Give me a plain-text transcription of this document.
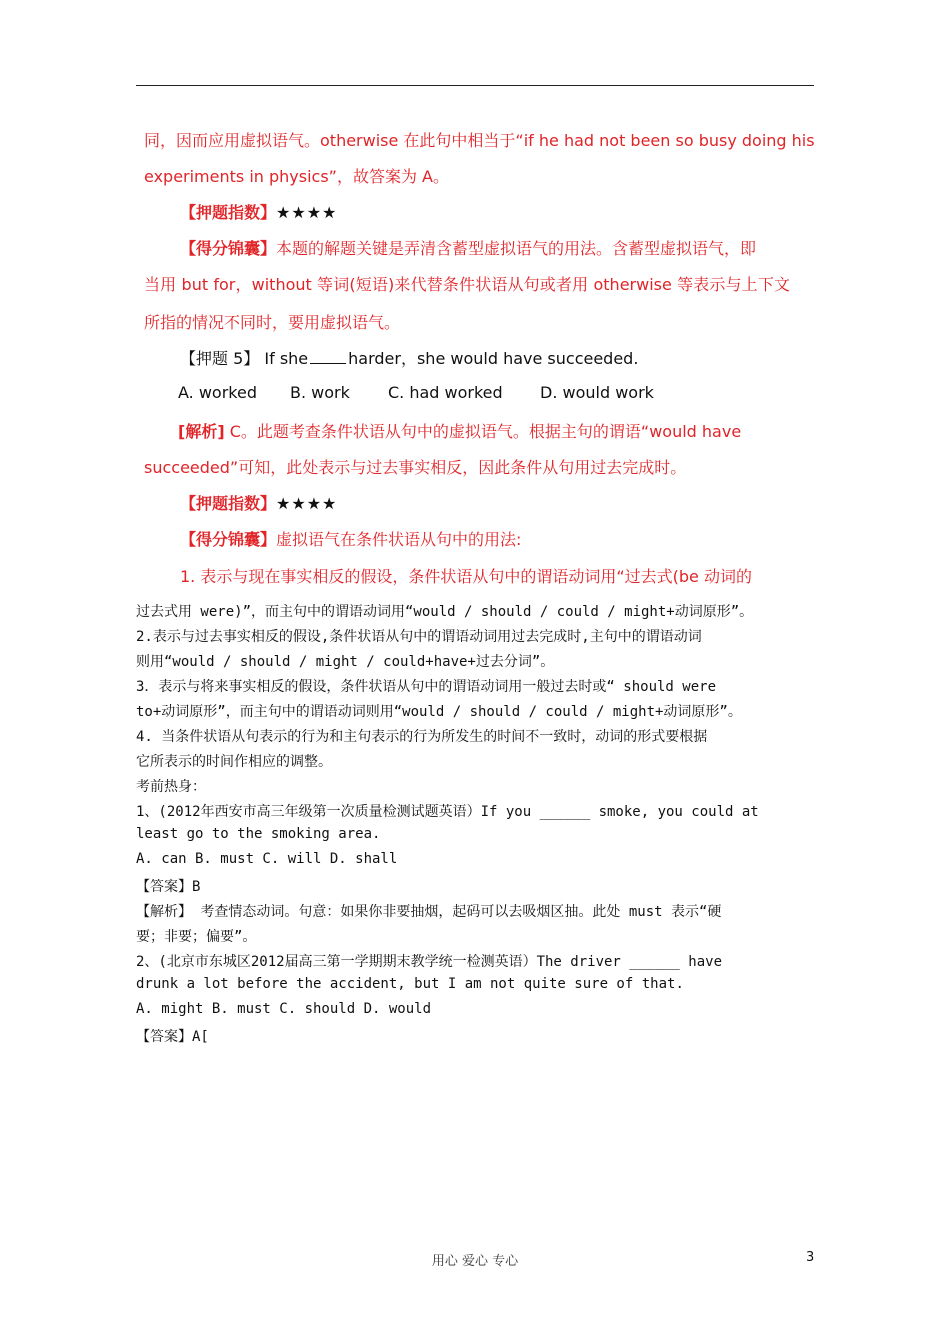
同，因而应用虚拟语气。otherwise 在此句中相当于“if he had not been so busy doing his
experiments in physics”，故答案为 A。
【押题指数】★★★★
【得分锦囊】本题的解题关键是弄清含蓄型虚拟语气的用法。含蓄型虚拟语气，即
当用 but for，without 等词(短语)来代替条件状语从句或者用 otherwise 等表示与上下文
所指的情况不同时，要用虚拟语气。
【押题 5】 If she	harder，she would have succeeded.
A. worked B. work C. had worked D. would work
[解析] C。此题考查条件状语从句中的虚拟语气。根据主句的谓语“would have
succeeded”可知，此处表示与过去事实相反，因此条件从句用过去完成时。
【押题指数】★★★★
【得分锦囊】虚拟语气在条件状语从句中的用法:
1. 表示与现在事实相反的假设，条件状语从句中的谓语动词用“过去式(be 动词的
过去式用 were)”，而主句中的谓语动词用“would / should / could / might+动词原形”。
2.表示与过去事实相反的假设,条件状语从句中的谓语动词用过去完成时,主句中的谓语动词
则用“would / should / might / could+have+过去分词”。
3．表示与将来事实相反的假设，条件状语从句中的谓语动词用一般过去时或“ should were
to+动词原形”，而主句中的谓语动词则用“would / should / could / might+动词原形”。
4. 当条件状语从句表示的行为和主句表示的行为所发生的时间不一致时，动词的形式要根据
它所表示的时间作相应的调整。
考前热身：
1、(2012年西安市高三年级第一次质量检测试题英语）If you ______ smoke, you could at
least go to the smoking area.
A. can B. must C. will D. shall
【答案】B
【解析】 考查情态动词。句意：如果你非要抽烟，起码可以去吸烟区抽。此处 must 表示“硬
要；非要；偏要”。
2、(北京市东城区2012届高三第一学期期末教学统一检测英语）The driver ______ have
drunk a lot before the accident, but I am not quite sure of that.
A. might B. must C. should D. would
【答案】A[
用心 爱心 专心	3
